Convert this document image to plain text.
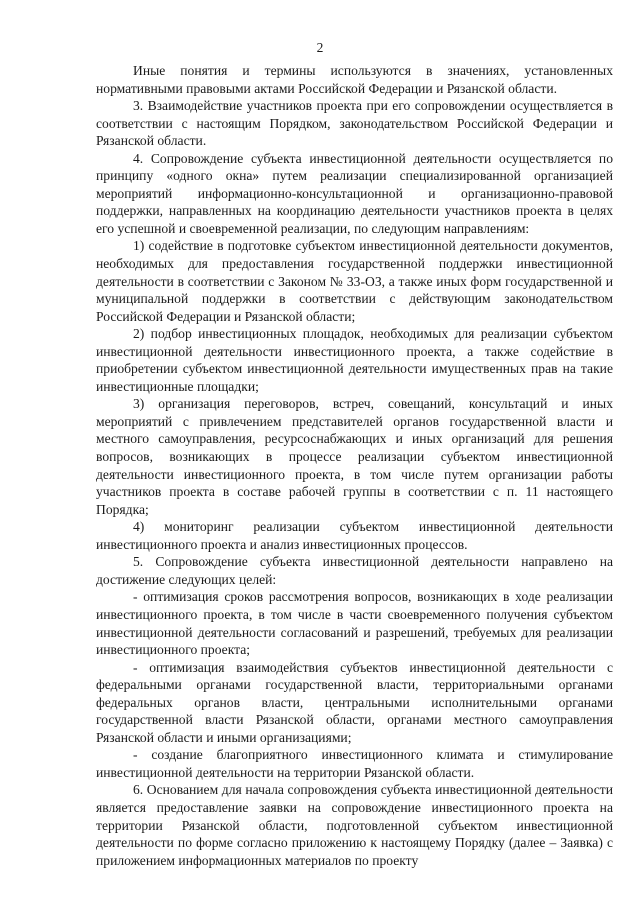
2

Иные понятия и термины используются в значениях, установленных нормативными правовыми актами Российской Федерации и Рязанской области.

3. Взаимодействие участников проекта при его сопровождении осуществляется в соответствии с настоящим Порядком, законодательством Российской Федерации и Рязанской области.

4. Сопровождение субъекта инвестиционной деятельности осуществляется по принципу «одного окна» путем реализации специализированной организацией мероприятий информационно-консультационной и организационно-правовой поддержки, направленных на координацию деятельности участников проекта в целях его успешной и своевременной реализации, по следующим направлениям:

1) содействие в подготовке субъектом инвестиционной деятельности документов, необходимых для предоставления государственной поддержки инвестиционной деятельности в соответствии с Законом № 33-ОЗ, а также иных форм государственной и муниципальной поддержки в соответствии с действующим законодательством Российской Федерации и Рязанской области;

2) подбор инвестиционных площадок, необходимых для реализации субъектом инвестиционной деятельности инвестиционного проекта, а также содействие в приобретении субъектом инвестиционной деятельности имущественных прав на такие инвестиционные площадки;

3) организация переговоров, встреч, совещаний, консультаций и иных мероприятий с привлечением представителей органов государственной власти и местного самоуправления, ресурсоснабжающих и иных организаций для решения вопросов, возникающих в процессе реализации субъектом инвестиционной деятельности инвестиционного проекта, в том числе путем организации работы участников проекта в составе рабочей группы в соответствии с п. 11 настоящего Порядка;

4) мониторинг реализации субъектом инвестиционной деятельности инвестиционного проекта и анализ инвестиционных процессов.

5. Сопровождение субъекта инвестиционной деятельности направлено на достижение следующих целей:

- оптимизация сроков рассмотрения вопросов, возникающих в ходе реализации инвестиционного проекта, в том числе в части своевременного получения субъектом инвестиционной деятельности согласований и разрешений, требуемых для реализации инвестиционного проекта;

- оптимизация взаимодействия субъектов инвестиционной деятельности с федеральными органами государственной власти, территориальными органами федеральных органов власти, центральными исполнительными органами государственной власти Рязанской области, органами местного самоуправления Рязанской области и иными организациями;

- создание благоприятного инвестиционного климата и стимулирование инвестиционной деятельности на территории Рязанской области.

6. Основанием для начала сопровождения субъекта инвестиционной деятельности является предоставление заявки на сопровождение инвестиционного проекта на территории Рязанской области, подготовленной субъектом инвестиционной деятельности по форме согласно приложению к настоящему Порядку (далее – Заявка) с приложением информационных материалов по проекту
